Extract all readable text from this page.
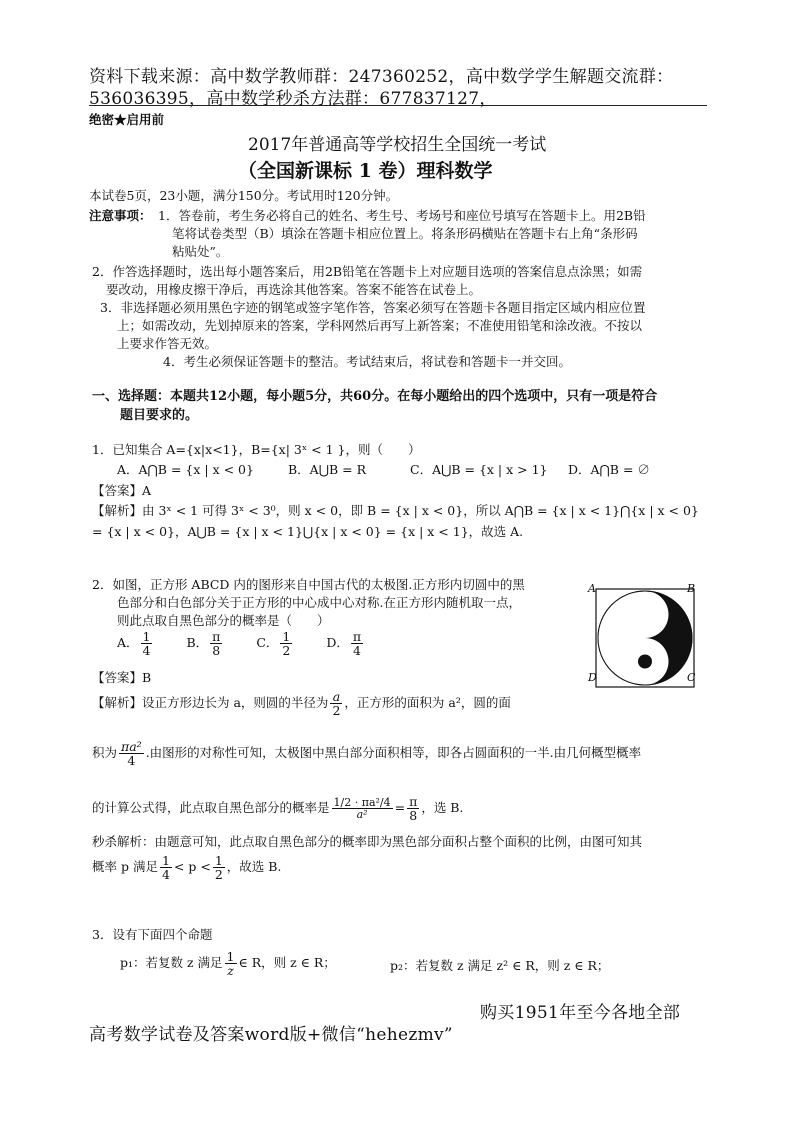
资料下载来源：高中数学教师群：247360252，高中数学学生解题交流群：
536036395，高中数学秒杀方法群：677837127，
绝密★启用前
2017年普通高等学校招生全国统一考试
（全国新课标 1 卷）理科数学
本试卷5页，23小题，满分150分。考试用时120分钟。
注意事项： 1．答卷前，考生务必将自己的姓名、考生号、考场号和座位号填写在答题卡上。用2B铅
笔将试卷类型（B）填涂在答题卡相应位置上。将条形码横贴在答题卡右上角“条形码
粘贴处”。
2．作答选择题时，选出每小题答案后，用2B铅笔在答题卡上对应题目选项的答案信息点涂黑；如需
要改动，用橡皮擦干净后，再选涂其他答案。答案不能答在试卷上。
3．非选择题必须用黑色字迹的钢笔或签字笔作答，答案必须写在答题卡各题目指定区域内相应位置
上；如需改动，先划掉原来的答案，学科网然后再写上新答案；不准使用铅笔和涂改液。不按以
上要求作答无效。
4．考生必须保证答题卡的整洁。考试结束后，将试卷和答题卡一并交回。
一、选择题：本题共12小题，每小题5分，共60分。在每小题给出的四个选项中，只有一项是符合
题目要求的。
1．已知集合 A={x|x<1}，B={x| 3ˣ < 1 }，则（　　）
A．A⋂B = {x | x < 0}	B．A⋃B = R	C．A⋃B = {x | x > 1} D．A⋂B = ∅
【答案】A
【解析】由 3ˣ < 1 可得 3ˣ < 3⁰，则 x < 0，即 B = {x | x < 0}，所以 A⋂B = {x | x < 1}⋂{x | x < 0}
= {x | x < 0}，A⋃B = {x | x < 1}⋃{x | x < 0} = {x | x < 1}，故选 A.
2．如图，正方形 ABCD 内的图形来自中国古代的太极图.正方形内切圆中的黑
色部分和白色部分关于正方形的中心成中心对称.在正方形内随机取一点，
则此点取自黑色部分的概率是（　　）
A． $\frac{1}{4}$	B． $\frac{\pi}{8}$	C． $\frac{1}{2}$	D． $\frac{\pi}{4}$
【答案】B
【解析】设正方形边长为 a，则圆的半径为 $\frac{a}{2}$ ，正方形的面积为 a²，圆的面
积为 $\frac{\text{πa²}}{4}$ .由图形的对称性可知，太极图中黑白部分面积相等，即各占圆面积的一半.由几何概型概率
的计算公式得，此点取自黑色部分的概率是 $\frac{\text{1/2 · πa²/4}}{\text{a²}} = \frac{\pi}{8}$ ，选 B.
秒杀解析：由题意可知，此点取自黑色部分的概率即为黑色部分面积占整个面积的比例，由图可知其
概率 p 满足 $\frac{1}{4} < p < \frac{1}{2}$ ，故选 B.
A	B
D	C
3．设有下面四个命题
p₁：若复数 z 满足 $\frac{1}{z}$ ∈ R，则 z ∈ R；	p₂：若复数 z 满足 z² ∈ R，则 z ∈ R；
购买1951年至今各地全部
高考数学试卷及答案word版+微信“hehezmv”
